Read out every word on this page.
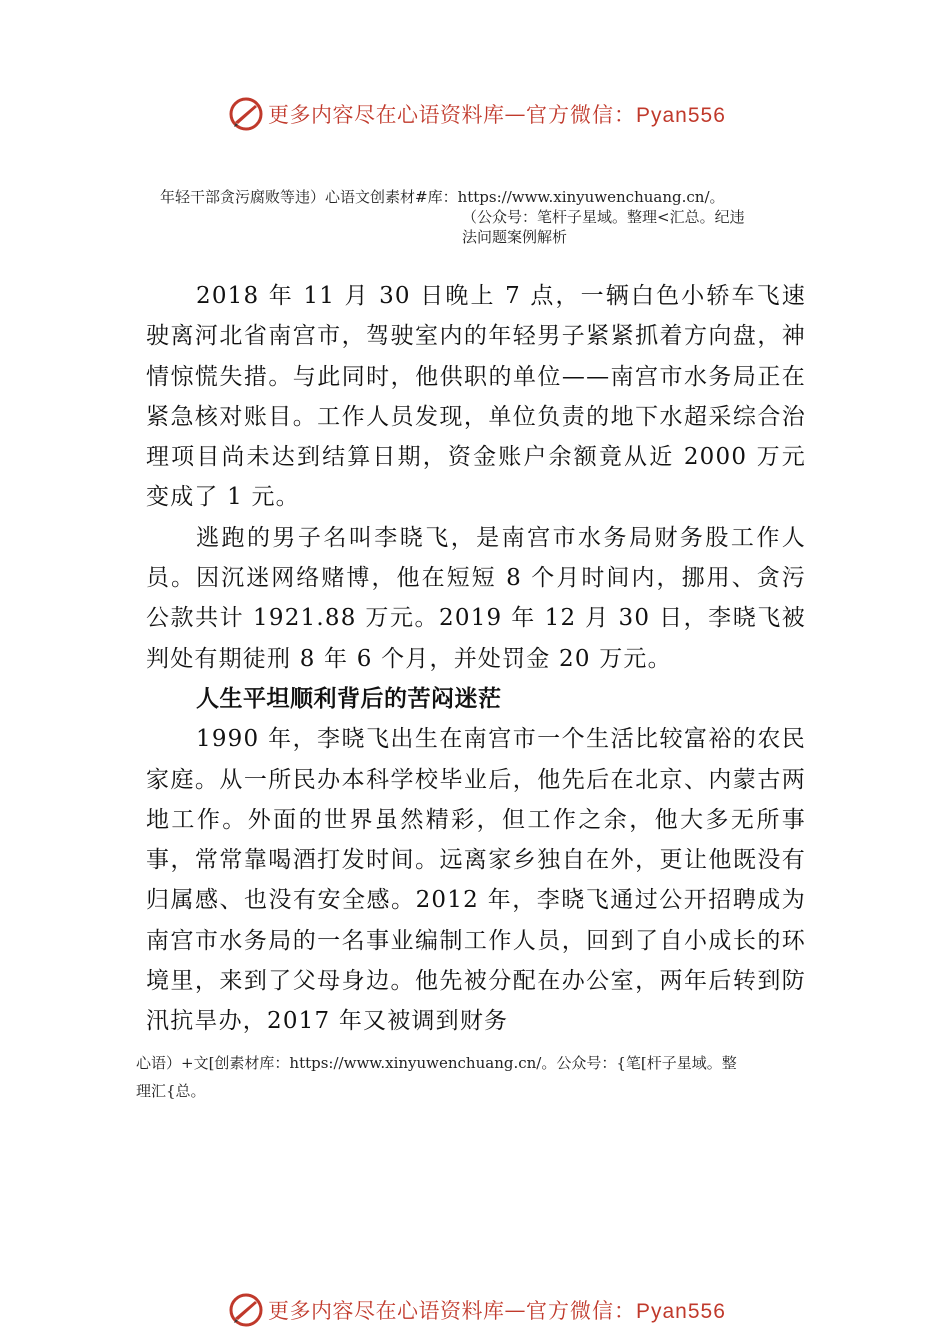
更多内容尽在心语资料库 — 官方微信：Pyan556
年轻干部贪污腐败等违）心语文创素材#库：https://www.xinyuwenchuang.cn/。
（公众号：笔杆子星域。整理<汇总。纪违
法问题案例解析

2018 年 11 月 30 日晚上 7 点，一辆白色小轿车飞速驶离河北省南宫市，驾驶室内的年轻男子紧紧抓着方向盘，神情惊慌失措。与此同时，他供职的单位——南宫市水务局正在紧急核对账目。工作人员发现，单位负责的地下水超采综合治理项目尚未达到结算日期，资金账户余额竟从近 2000 万元变成了 1 元。

逃跑的男子名叫李晓飞，是南宫市水务局财务股工作人员。因沉迷网络赌博，他在短短 8 个月时间内，挪用、贪污公款共计 1921.88 万元。2019 年 12 月 30 日，李晓飞被判处有期徒刑 8 年 6 个月，并处罚金 20 万元。

人生平坦顺利背后的苦闷迷茫

1990 年，李晓飞出生在南宫市一个生活比较富裕的农民家庭。从一所民办本科学校毕业后，他先后在北京、内蒙古两地工作。外面的世界虽然精彩，但工作之余，他大多无所事事，常常靠喝酒打发时间。远离家乡独自在外，更让他既没有归属感、也没有安全感。2012 年，李晓飞通过公开招聘成为南宫市水务局的一名事业编制工作人员，回到了自小成长的环境里，来到了父母身边。他先被分配在办公室，两年后转到防汛抗旱办，2017 年又被调到财务

心语）+文[创素材库：https://www.xinyuwenchuang.cn/。公众号：{笔[杆子星域。整
理汇{总。
更多内容尽在心语资料库 — 官方微信：Pyan556
